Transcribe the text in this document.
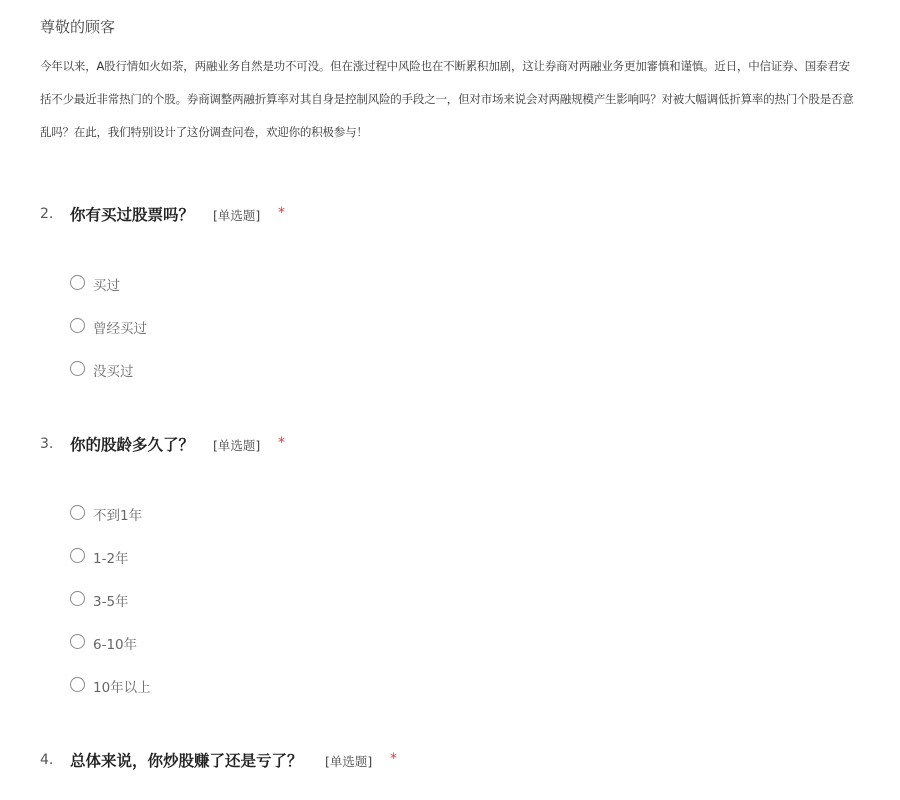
尊敬的顾客
今年以来，A股行情如火如荼，两融业务自然是功不可没。但在涨过程中风险也在不断累积加剧，这让券商对两融业务更加審慎和谨慎。近日，中信证券、国泰君安
括不少最近非常热门的个股。券商调整两融折算率对其自身是控制风险的手段之一，但对市场来说会对两融规模产生影响吗？对被大幅调低折算率的热门个股是否意
乱吗？在此，我们特别设计了这份调查问卷，欢迎你的积极参与！
2. 你有买过股票吗？ [单选题] *
买过
曾经买过
没买过
3. 你的股龄多久了？ [单选题] *
不到1年
1-2年
3-5年
6-10年
10年以上
4. 总体来说，你炒股赚了还是亏了？ [单选题] *
